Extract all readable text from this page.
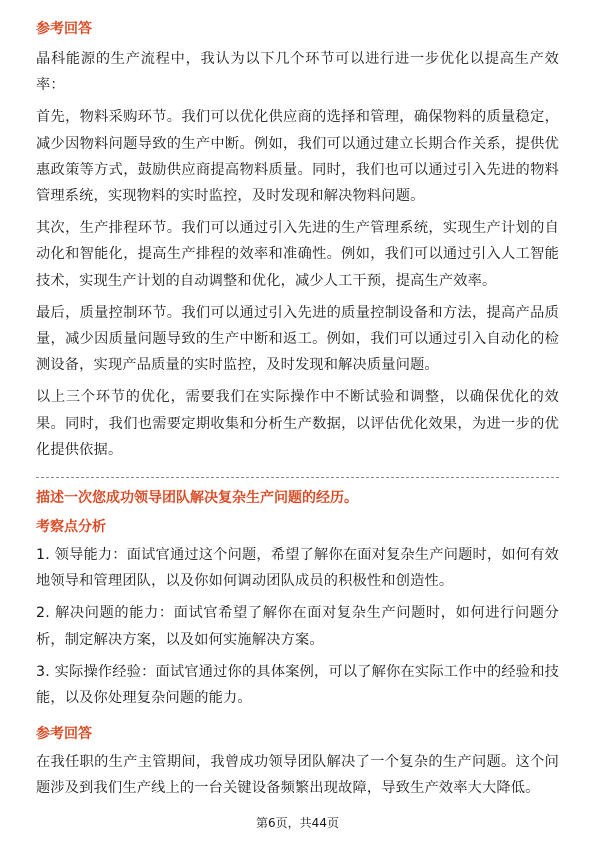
参考回答

晶科能源的生产流程中，我认为以下几个环节可以进行进一步优化以提高生产效率：

首先，物料采购环节。我们可以优化供应商的选择和管理，确保物料的质量稳定，减少因物料问题导致的生产中断。例如，我们可以通过建立长期合作关系，提供优惠政策等方式，鼓励供应商提高物料质量。同时，我们也可以通过引入先进的物料管理系统，实现物料的实时监控，及时发现和解决物料问题。

其次，生产排程环节。我们可以通过引入先进的生产管理系统，实现生产计划的自动化和智能化，提高生产排程的效率和准确性。例如，我们可以通过引入人工智能技术，实现生产计划的自动调整和优化，减少人工干预，提高生产效率。

最后，质量控制环节。我们可以通过引入先进的质量控制设备和方法，提高产品质量，减少因质量问题导致的生产中断和返工。例如，我们可以通过引入自动化的检测设备，实现产品质量的实时监控，及时发现和解决质量问题。

以上三个环节的优化，需要我们在实际操作中不断试验和调整，以确保优化的效果。同时，我们也需要定期收集和分析生产数据，以评估优化效果，为进一步的优化提供依据。

描述一次您成功领导团队解决复杂生产问题的经历。

考察点分析

1. 领导能力：面试官通过这个问题，希望了解你在面对复杂生产问题时，如何有效地领导和管理团队，以及你如何调动团队成员的积极性和创造性。

2. 解决问题的能力：面试官希望了解你在面对复杂生产问题时，如何进行问题分析，制定解决方案，以及如何实施解决方案。

3. 实际操作经验：面试官通过你的具体案例，可以了解你在实际工作中的经验和技能，以及你处理复杂问题的能力。

参考回答

在我任职的生产主管期间，我曾成功领导团队解决了一个复杂的生产问题。这个问题涉及到我们生产线上的一台关键设备频繁出现故障，导致生产效率大大降低。

第6页，共44页
